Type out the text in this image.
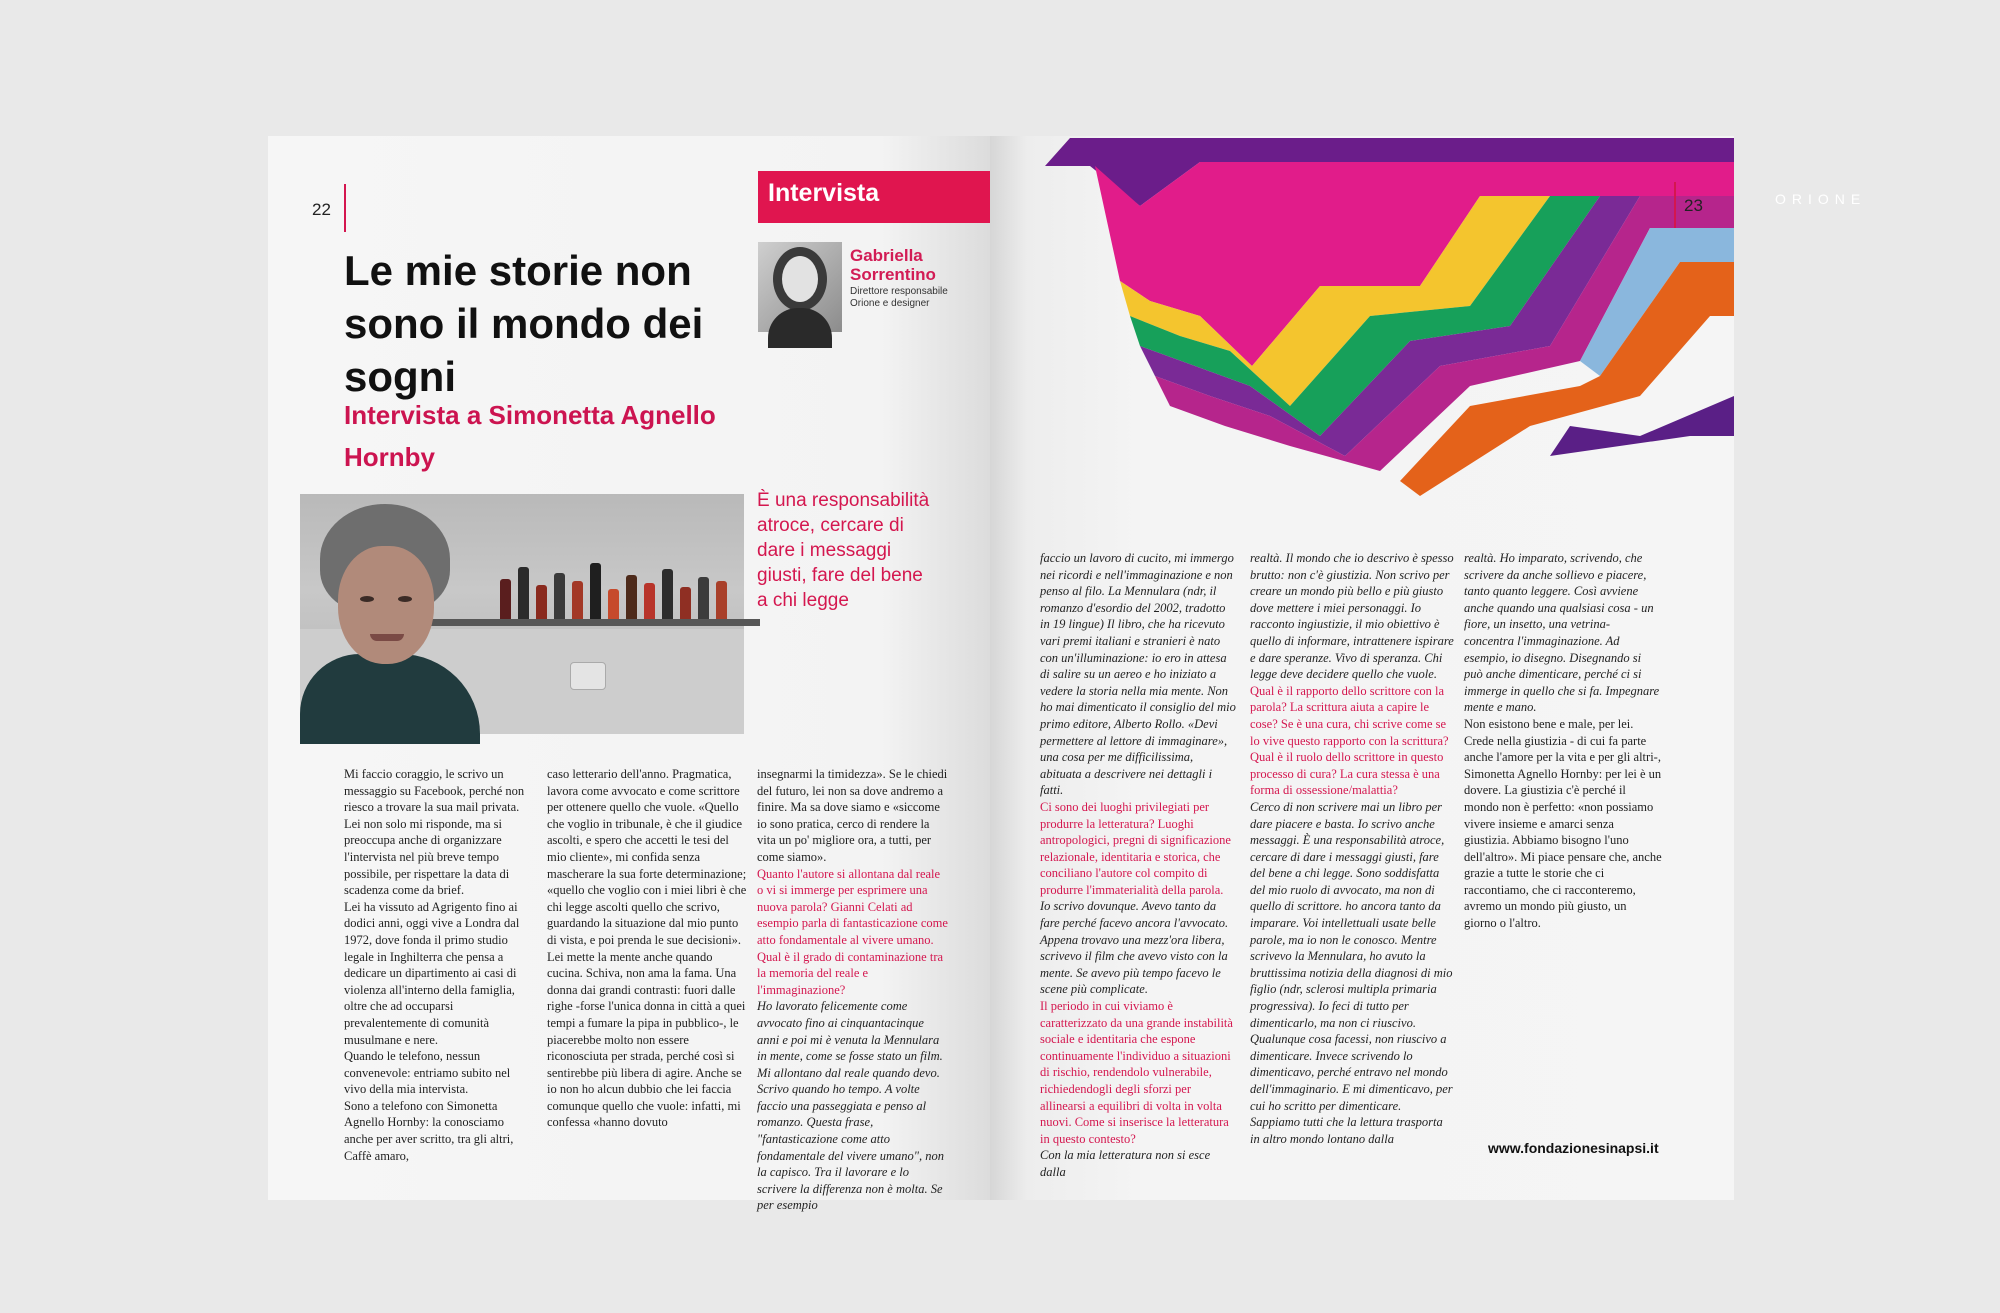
22
Le mie storie non sono il mondo dei sogni
Intervista a Simonetta Agnello Hornby
Intervista
Gabriella Sorrentino
Direttore responsabile Orione e designer
È una responsabilità atroce, cercare di dare i messaggi giusti, fare del bene a chi legge

Mi faccio coraggio, le scrivo un messaggio su Facebook, perché non riesco a trovare la sua mail privata. Lei non solo mi risponde, ma si preoccupa anche di organizzare l'intervista nel più breve tempo possibile, per rispettare la data di scadenza come da brief.

Lei ha vissuto ad Agrigento fino ai dodici anni, oggi vive a Londra dal 1972, dove fonda il primo studio legale in Inghilterra che pensa a dedicare un dipartimento ai casi di violenza all'interno della famiglia, oltre che ad occuparsi prevalentemente di comunità musulmane e nere.

Quando le telefono, nessun convenevole: entriamo subito nel vivo della mia intervista.

Sono a telefono con Simonetta Agnello Hornby: la conosciamo anche per aver scritto, tra gli altri, Caffè amaro,

caso letterario dell'anno. Pragmatica, lavora come avvocato e come scrittore per ottenere quello che vuole. «Quello che voglio in tribunale, è che il giudice ascolti, e spero che accetti le tesi del mio cliente», mi confida senza mascherare la sua forte determinazione; «quello che voglio con i miei libri è che chi legge ascolti quello che scrivo, guardando la situazione dal mio punto di vista, e poi prenda le sue decisioni». Lei mette la mente anche quando cucina. Schiva, non ama la fama. Una donna dai grandi contrasti: fuori dalle righe -forse l'unica donna in città a quei tempi a fumare la pipa in pubblico-, le piacerebbe molto non essere riconosciuta per strada, perché così si sentirebbe più libera di agire. Anche se io non ho alcun dubbio che lei faccia comunque quello che vuole: infatti, mi confessa «hanno dovuto

insegnarmi la timidezza». Se le chiedi del futuro, lei non sa dove andremo a finire. Ma sa dove siamo e «siccome io sono pratica, cerco di rendere la vita un po' migliore ora, a tutti, per come siamo».

Quanto l'autore si allontana dal reale o vi si immerge per esprimere una nuova parola? Gianni Celati ad esempio parla di fantasticazione come atto fondamentale al vivere umano. Qual è il grado di contaminazione tra la memoria del reale e l'immaginazione?

Ho lavorato felicemente come avvocato fino ai cinquantacinque anni e poi mi è venuta la Mennulara in mente, come se fosse stato un film. Mi allontano dal reale quando devo. Scrivo quando ho tempo. A volte faccio una passeggiata e penso al romanzo. Questa frase, "fantasticazione come atto fondamentale del vivere umano", non la capisco. Tra il lavorare e lo scrivere la differenza non è molta. Se per esempio

ORIONE
23

faccio un lavoro di cucito, mi immergo nei ricordi e nell'immaginazione e non penso al filo. La Mennulara (ndr, il romanzo d'esordio del 2002, tradotto in 19 lingue) Il libro, che ha ricevuto vari premi italiani e stranieri è nato con un'illuminazione: io ero in attesa di salire su un aereo e ho iniziato a vedere la storia nella mia mente. Non ho mai dimenticato il consiglio del mio primo editore, Alberto Rollo. «Devi permettere al lettore di immaginare», una cosa per me difficilissima, abituata a descrivere nei dettagli i fatti.

Ci sono dei luoghi privilegiati per produrre la letteratura? Luoghi antropologici, pregni di significazione relazionale, identitaria e storica, che conciliano l'autore col compito di produrre l'immaterialità della parola.

Io scrivo dovunque. Avevo tanto da fare perché facevo ancora l'avvocato. Appena trovavo una mezz'ora libera, scrivevo il film che avevo visto con la mente. Se avevo più tempo facevo le scene più complicate.

Il periodo in cui viviamo è caratterizzato da una grande instabilità sociale e identitaria che espone continuamente l'individuo a situazioni di rischio, rendendolo vulnerabile, richiedendogli degli sforzi per allinearsi a equilibri di volta in volta nuovi. Come si inserisce la letteratura in questo contesto?

Con la mia letteratura non si esce dalla

realtà. Il mondo che io descrivo è spesso brutto: non c'è giustizia. Non scrivo per creare un mondo più bello e più giusto dove mettere i miei personaggi. Io racconto ingiustizie, il mio obiettivo è quello di informare, intrattenere ispirare e dare speranze. Vivo di speranza. Chi legge deve decidere quello che vuole.

Qual è il rapporto dello scrittore con la parola? La scrittura aiuta a capire le cose? Se è una cura, chi scrive come se lo vive questo rapporto con la scrittura? Qual è il ruolo dello scrittore in questo processo di cura? La cura stessa è una forma di ossessione/malattia?

Cerco di non scrivere mai un libro per dare piacere e basta. Io scrivo anche messaggi. È una responsabilità atroce, cercare di dare i messaggi giusti, fare del bene a chi legge. Sono soddisfatta del mio ruolo di avvocato, ma non di quello di scrittore. ho ancora tanto da imparare. Voi intellettuali usate belle parole, ma io non le conosco. Mentre scrivevo la Mennulara, ho avuto la bruttissima notizia della diagnosi di mio figlio (ndr, sclerosi multipla primaria progressiva). Io feci di tutto per dimenticarlo, ma non ci riuscivo. Qualunque cosa facessi, non riuscivo a dimenticare. Invece scrivendo lo dimenticavo, perché entravo nel mondo dell'immaginario. E mi dimenticavo, per cui ho scritto per dimenticare. Sappiamo tutti che la lettura trasporta in altro mondo lontano dalla

realtà. Ho imparato, scrivendo, che scrivere da anche sollievo e piacere, tanto quanto leggere. Così avviene anche quando una qualsiasi cosa - un fiore, un insetto, una vetrina- concentra l'immaginazione. Ad esempio, io disegno. Disegnando si può anche dimenticare, perché ci si immerge in quello che si fa. Impegnare mente e mano.

Non esistono bene e male, per lei. Crede nella giustizia - di cui fa parte anche l'amore per la vita e per gli altri-, Simonetta Agnello Hornby: per lei è un dovere. La giustizia c'è perché il mondo non è perfetto: «non possiamo vivere insieme e amarci senza giustizia. Abbiamo bisogno l'uno dell'altro». Mi piace pensare che, anche grazie a tutte le storie che ci raccontiamo, che ci racconteremo, avremo un mondo più giusto, un giorno o l'altro.

www.fondazionesinapsi.it
